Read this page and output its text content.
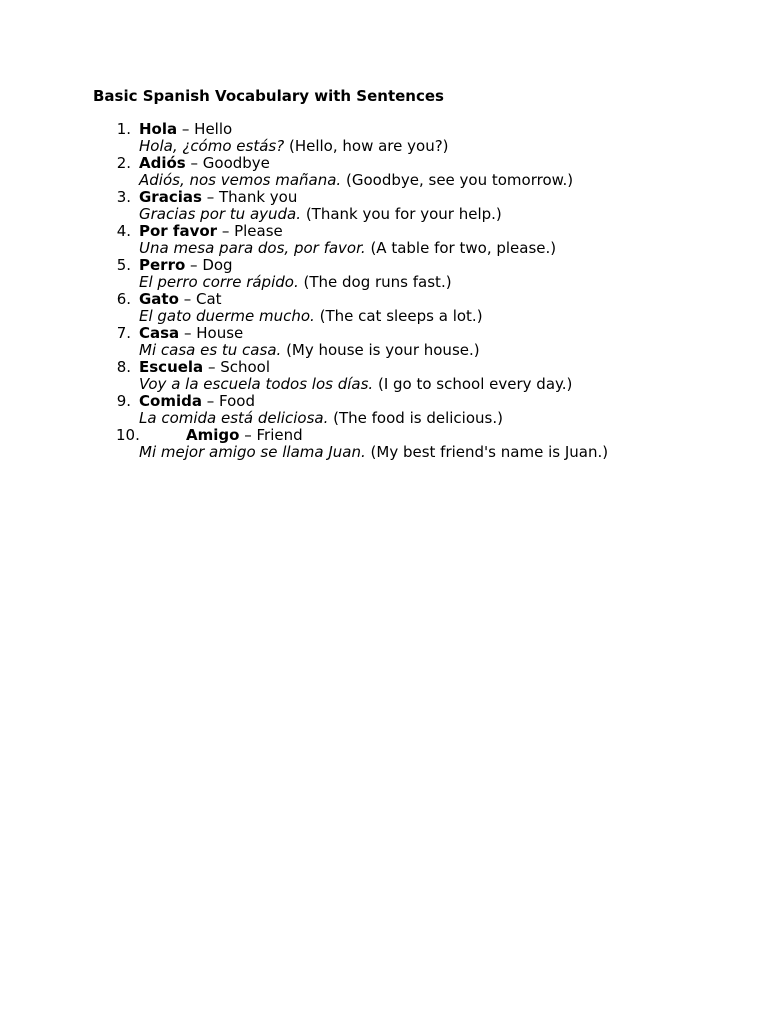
Basic Spanish Vocabulary with Sentences
1. Hola – Hello
Hola, ¿cómo estás? (Hello, how are you?)
2. Adiós – Goodbye
Adiós, nos vemos mañana. (Goodbye, see you tomorrow.)
3. Gracias – Thank you
Gracias por tu ayuda. (Thank you for your help.)
4. Por favor – Please
Una mesa para dos, por favor. (A table for two, please.)
5. Perro – Dog
El perro corre rápido. (The dog runs fast.)
6. Gato – Cat
El gato duerme mucho. (The cat sleeps a lot.)
7. Casa – House
Mi casa es tu casa. (My house is your house.)
8. Escuela – School
Voy a la escuela todos los días. (I go to school every day.)
9. Comida – Food
La comida está deliciosa. (The food is delicious.)
10.	Amigo – Friend
Mi mejor amigo se llama Juan. (My best friend's name is Juan.)
